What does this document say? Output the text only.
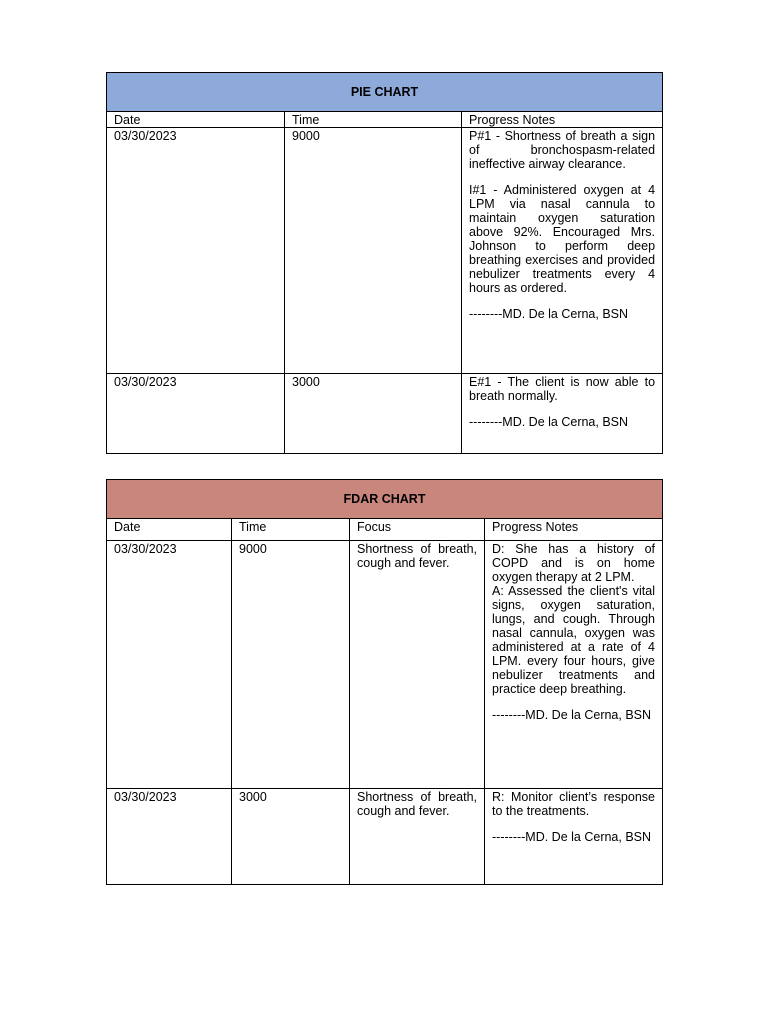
PIE CHART		
Date	Time	Progress Notes
03/30/2023	9000	P#1 - Shortness of breath a sign of bronchospasm-related ineffective airway clearance.

I#1 - Administered oxygen at 4 LPM via nasal cannula to maintain oxygen saturation above 92%. Encouraged Mrs. Johnson to perform deep breathing exercises and provided nebulizer treatments every 4 hours as ordered.

--------MD. De la Cerna, BSN

03/30/2023	3000	E#1 - The client is now able to breath normally.

--------MD. De la Cerna, BSN

FDAR CHART			
Date	Time	Focus	Progress Notes
03/30/2023	9000	Shortness of breath, cough and fever.	D: She has a history of COPD and is on home oxygen therapy at 2 LPM.

A: Assessed the client's vital signs, oxygen saturation, lungs, and cough. Through nasal cannula, oxygen was administered at a rate of 4 LPM. every four hours, give nebulizer treatments and practice deep breathing.

--------MD. De la Cerna, BSN

03/30/2023	3000	Shortness of breath, cough and fever.	R: Monitor client’s response to the treatments.

--------MD. De la Cerna, BSN
